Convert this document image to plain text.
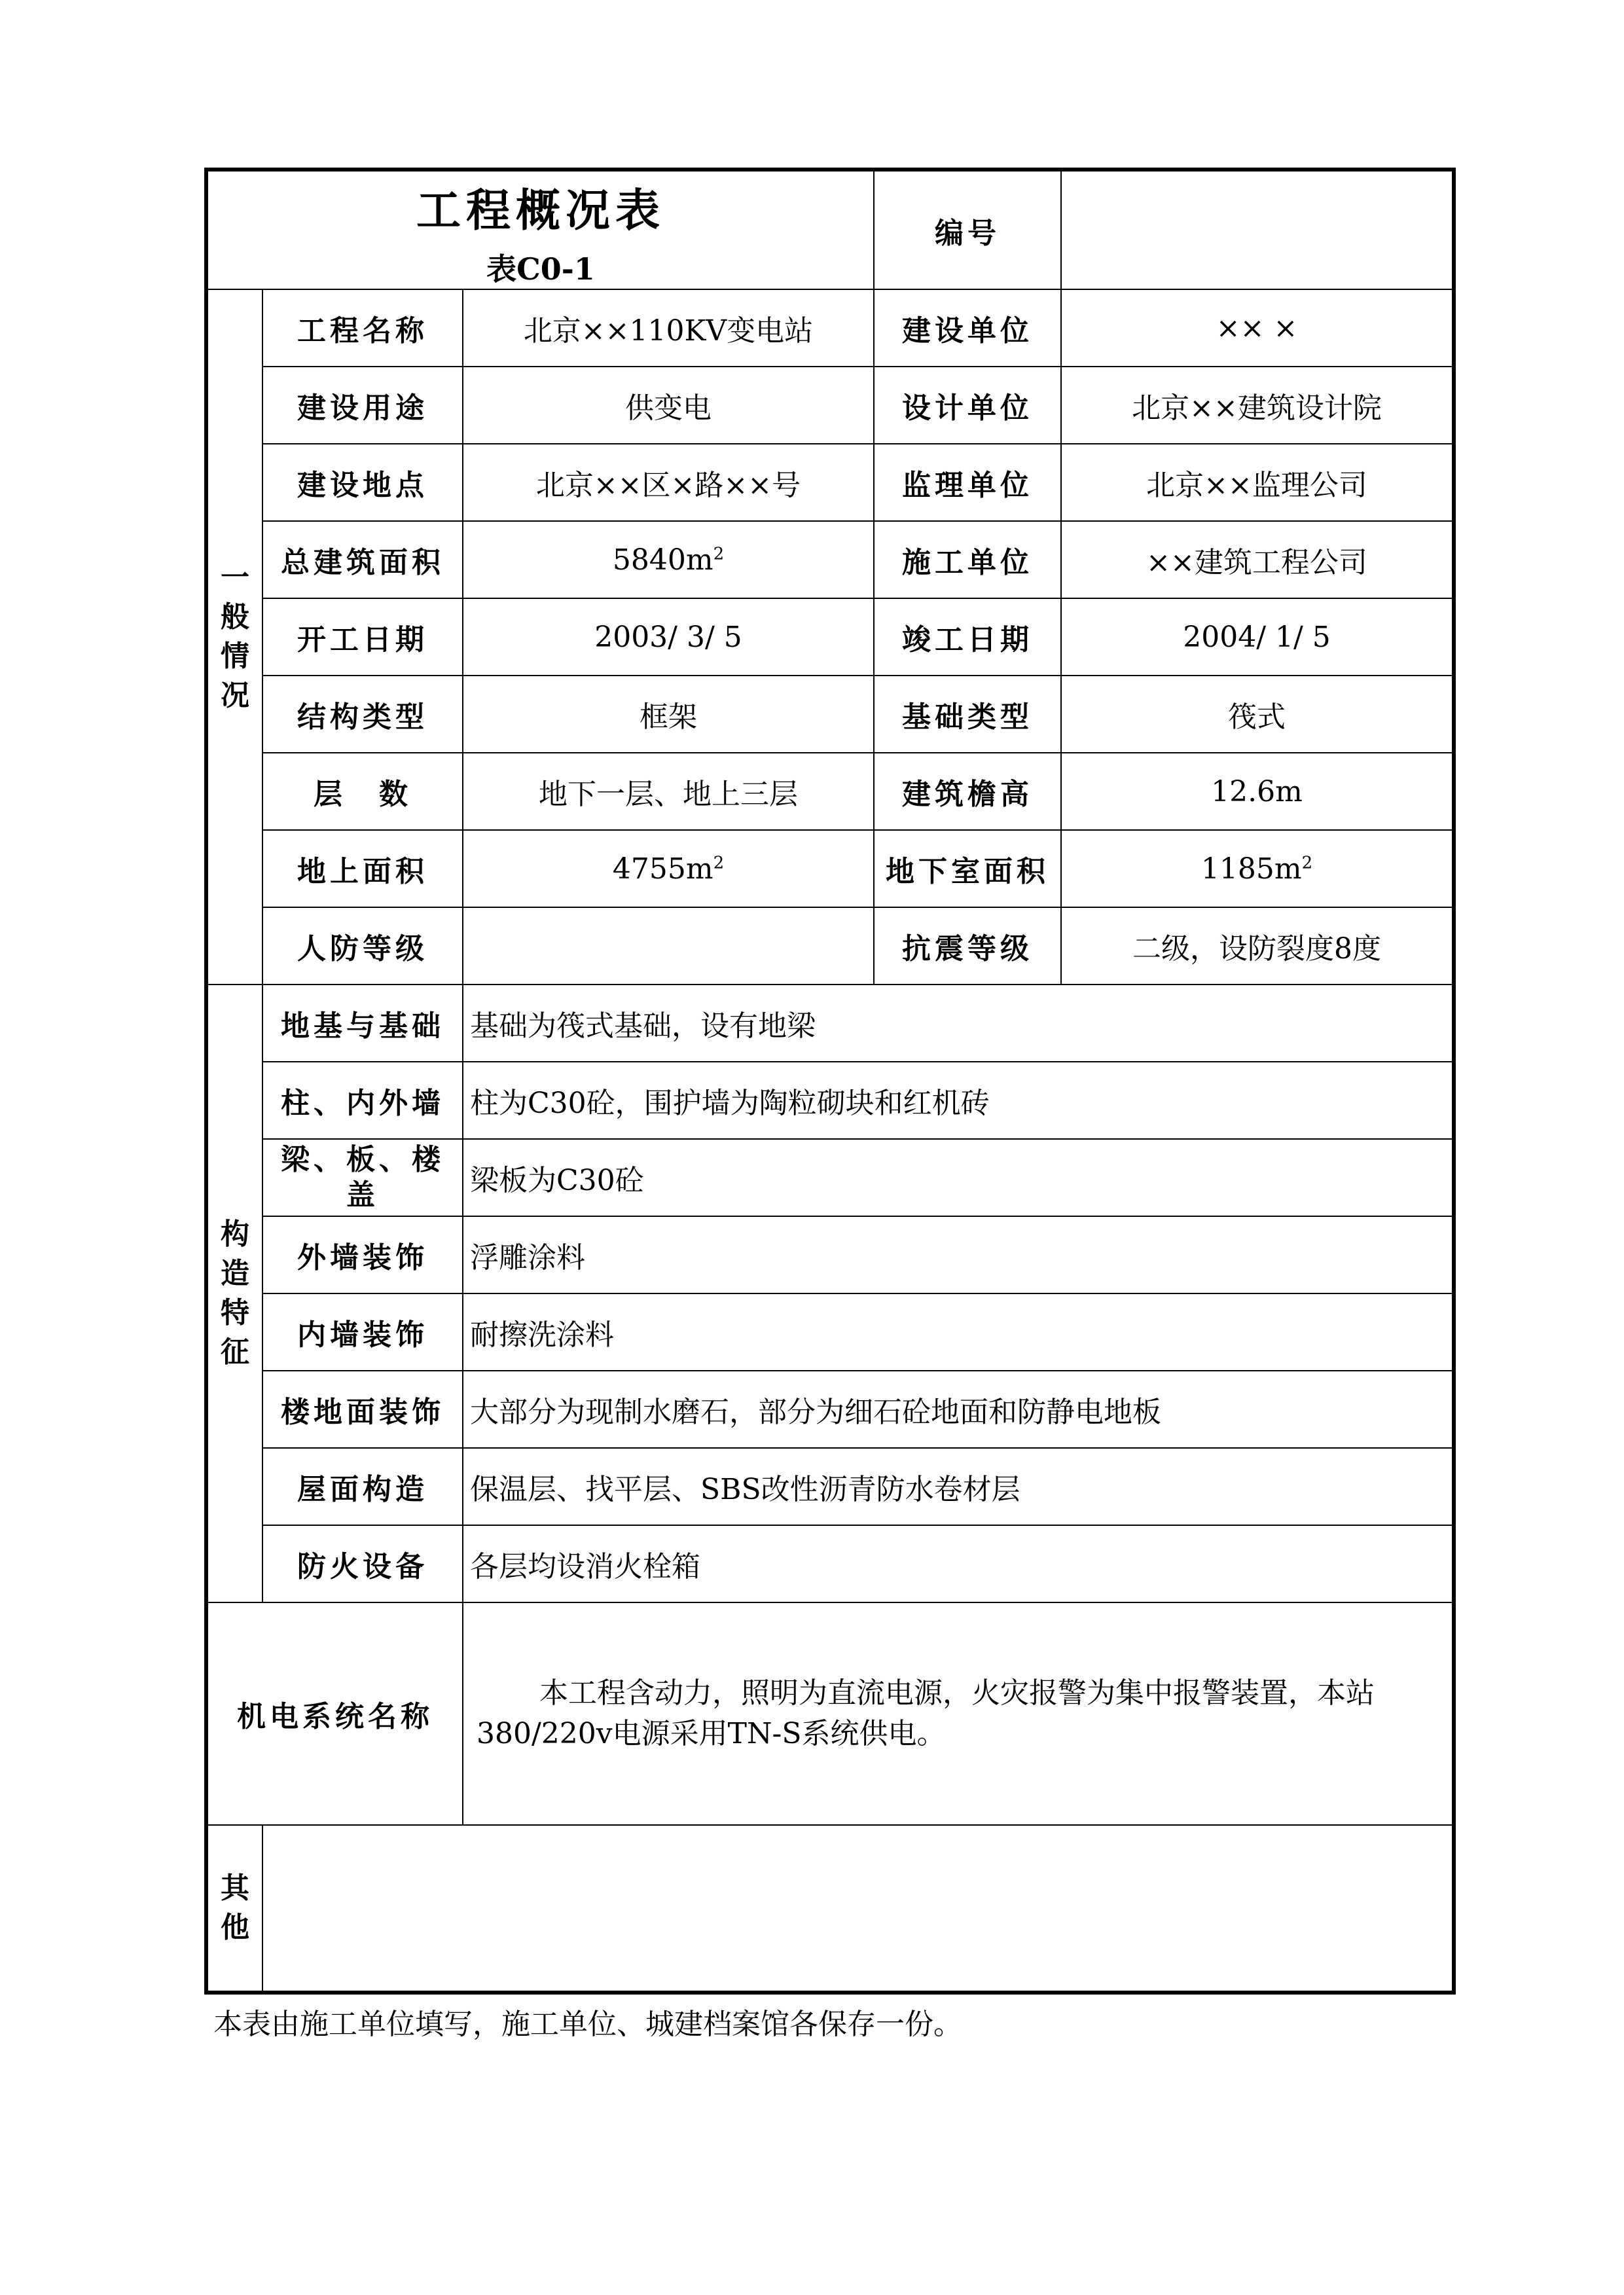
工程概况表
表C0-1			编号	

一
般
情
况	工程名称	北京××110KV变电站	建设单位	×× ×
	建设用途	供变电	设计单位	北京××建筑设计院
	建设地点	北京××区×路××号	监理单位	北京××监理公司
	总建筑面积	$5840m^2$	施工单位	××建筑工程公司
	开工日期	2003/ 3/ 5	竣工日期	2004/ 1/ 5
	结构类型	框架	基础类型	筏式
	层　数	地下一层、地上三层	建筑檐高	12.6m
	地上面积	$4755m^2$	地下室面积	$1185m^2$
	人防等级		抗震等级	二级，设防裂度8度

构
造
特
征	地基与基础	基础为筏式基础，设有地梁		
	柱、内外墙	柱为C30砼，围护墙为陶粒砌块和红机砖		
	梁、板、楼
盖	梁板为C30砼		
	外墙装饰	浮雕涂料		
	内墙装饰	耐擦洗涂料		
	楼地面装饰	大部分为现制水磨石，部分为细石砼地面和防静电地板		
	屋面构造	保温层、找平层、SBS改性沥青防水卷材层		
	防火设备	各层均设消火栓箱		
机电系统名称		本工程含动力，照明为直流电源，火灾报警为集中报警装置，本站380/220v电源采用TN-S系统供电。		

其
他				

本表由施工单位填写，施工单位、城建档案馆各保存一份。
